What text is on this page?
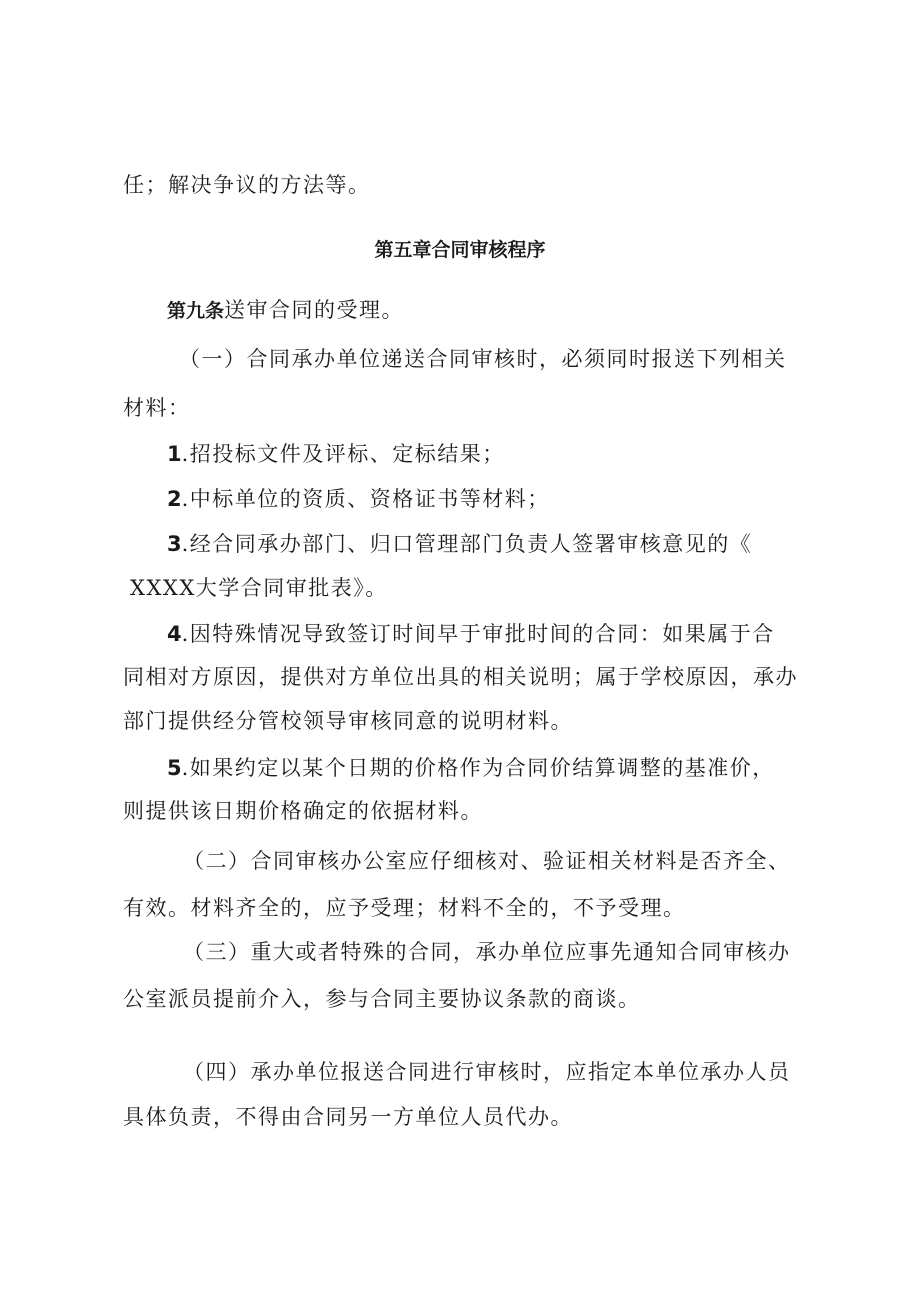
任；解决争议的方法等。
第五章合同审核程序
第九条送审合同的受理。
（一）合同承办单位递送合同审核时，必须同时报送下列相关
材料：
1.招投标文件及评标、定标结果；
2.中标单位的资质、资格证书等材料；
3.经合同承办部门、归口管理部门负责人签署审核意见的《
XXXX大学合同审批表》。
4.因特殊情况导致签订时间早于审批时间的合同：如果属于合
同相对方原因，提供对方单位出具的相关说明；属于学校原因，承办
部门提供经分管校领导审核同意的说明材料。
5.如果约定以某个日期的价格作为合同价结算调整的基准价，
则提供该日期价格确定的依据材料。
（二）合同审核办公室应仔细核对、验证相关材料是否齐全、
有效。材料齐全的，应予受理；材料不全的，不予受理。
（三）重大或者特殊的合同，承办单位应事先通知合同审核办
公室派员提前介入，参与合同主要协议条款的商谈。
（四）承办单位报送合同进行审核时，应指定本单位承办人员
具体负责，不得由合同另一方单位人员代办。
